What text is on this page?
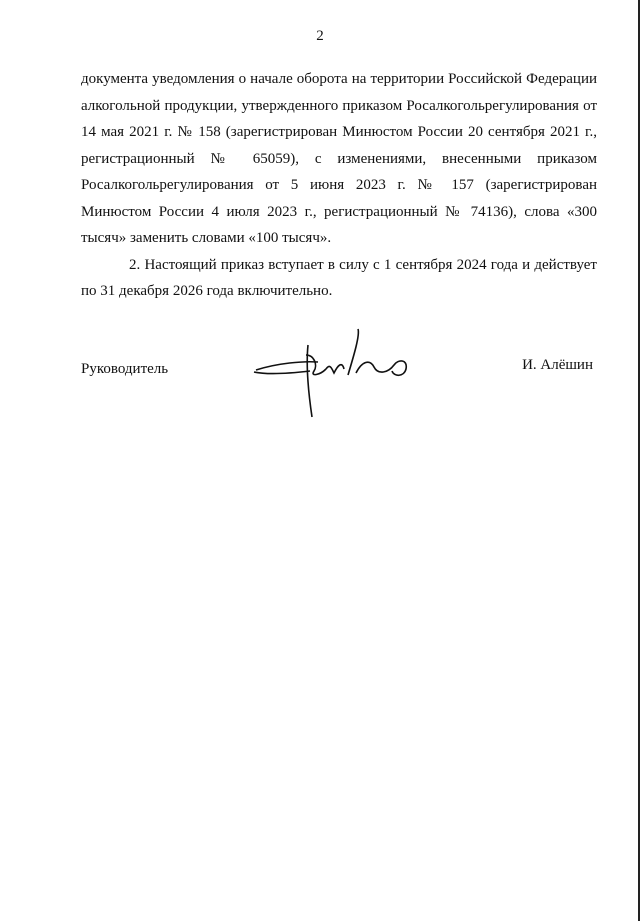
2

документа уведомления о начале оборота на территории Российской Федерации алкогольной продукции, утвержденного приказом Росалкогольрегулирования от 14 мая 2021 г. № 158 (зарегистрирован Минюстом России 20 сентября 2021 г., регистрационный № 65059), с изменениями, внесенными приказом Росалкогольрегулирования от 5 июня 2023 г. № 157 (зарегистрирован Минюстом России 4 июля 2023 г., регистрационный № 74136), слова «300 тысяч» заменить словами «100 тысяч».

2. Настоящий приказ вступает в силу с 1 сентября 2024 года и действует по 31 декабря 2026 года включительно.

Руководитель	И. Алёшин
